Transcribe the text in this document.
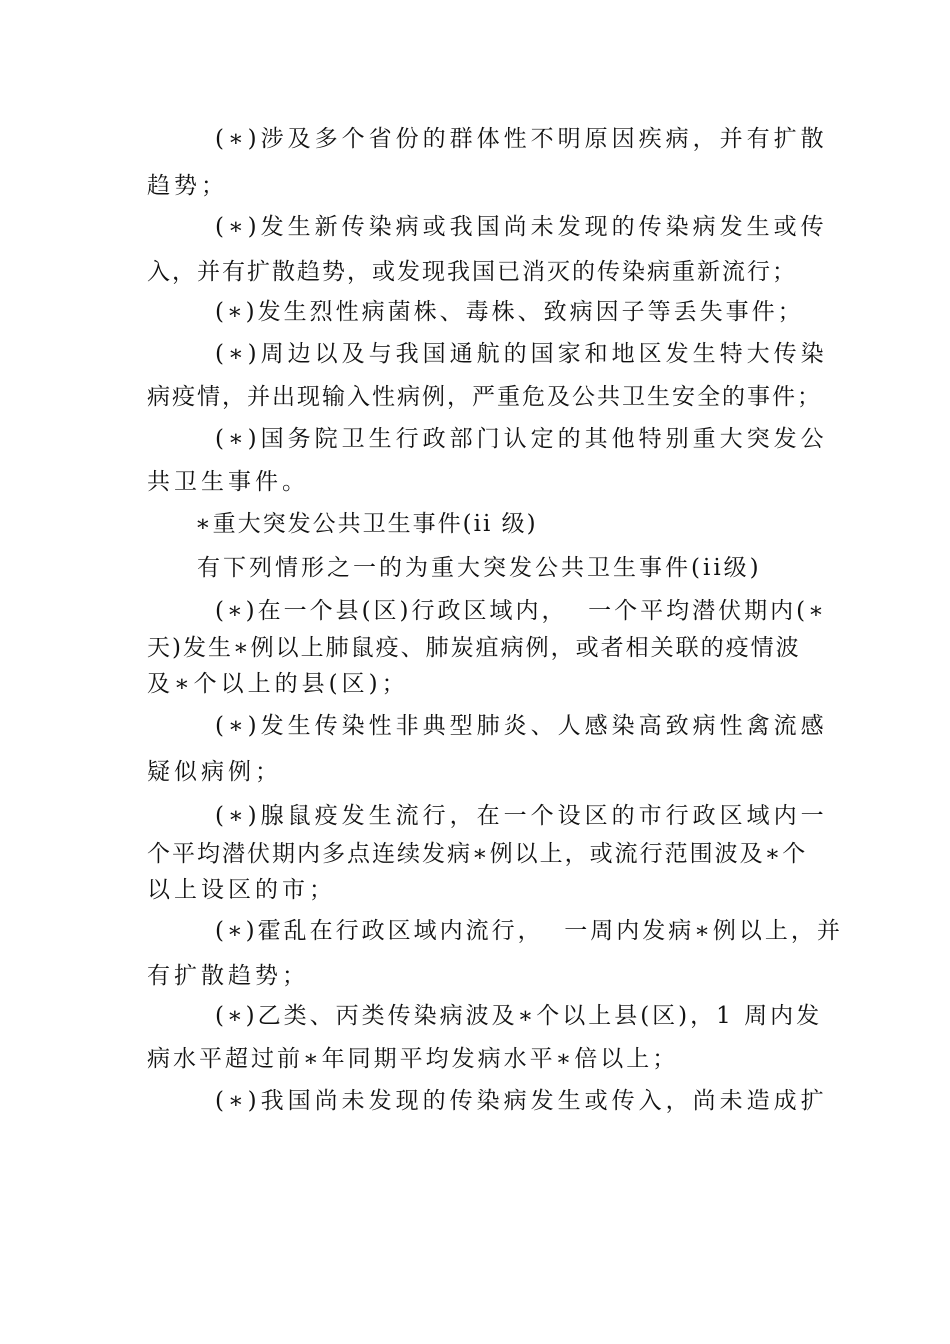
(∗)涉及多个省份的群体性不明原因疾病，并有扩散
趋势；
(∗)发生新传染病或我国尚未发现的传染病发生或传
入，并有扩散趋势，或发现我国已消灭的传染病重新流行；
(∗)发生烈性病菌株、毒株、致病因子等丢失事件；
(∗)周边以及与我国通航的国家和地区发生特大传染
病疫情，并出现输入性病例，严重危及公共卫生安全的事件；
(∗)国务院卫生行政部门认定的其他特别重大突发公
共卫生事件。
∗重大突发公共卫生事件(ii 级)
有下列情形之一的为重大突发公共卫生事件(ii级)
(∗)在一个县(区)行政区域内，  一个平均潜伏期内(∗
天)发生∗例以上肺鼠疫、肺炭疽病例，或者相关联的疫情波
及∗个以上的县(区)；
(∗)发生传染性非典型肺炎、人感染高致病性禽流感
疑似病例；
(∗)腺鼠疫发生流行，在一个设区的市行政区域内一
个平均潜伏期内多点连续发病∗例以上，或流行范围波及∗个
以上设区的市；
(∗)霍乱在行政区域内流行，  一周内发病∗例以上，并
有扩散趋势；
(∗)乙类、丙类传染病波及∗个以上县(区)，1 周内发
病水平超过前∗年同期平均发病水平∗倍以上；
(∗)我国尚未发现的传染病发生或传入，尚未造成扩
